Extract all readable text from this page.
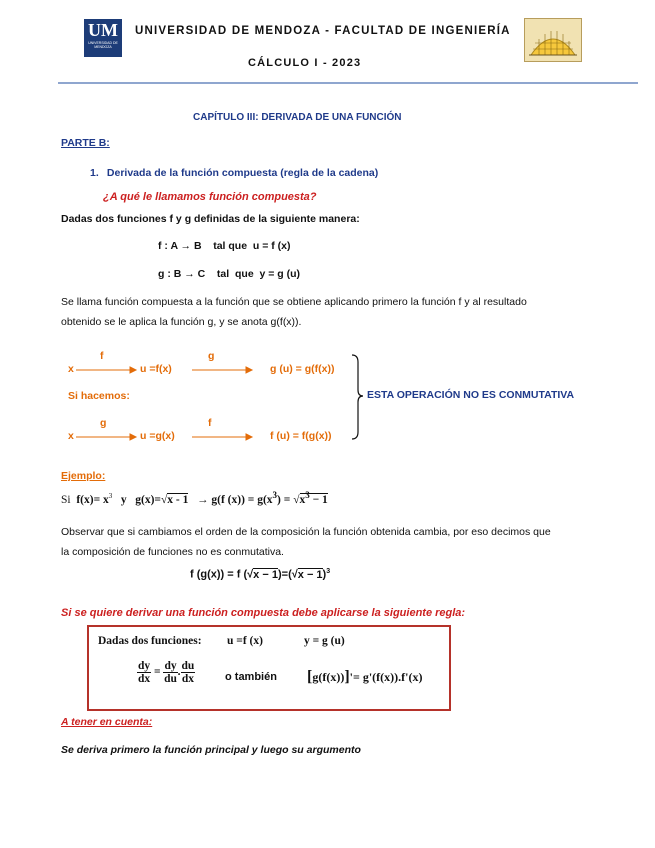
UM
UNIVERSIDAD DE MENDOZA
UNIVERSIDAD DE MENDOZA - FACULTAD DE INGENIERÍA
CÁLCULO I - 2023
CAPÍTULO III: DERIVADA DE UNA FUNCIÓN
PARTE B:
1. Derivada de la función compuesta (regla de la cadena)
¿A qué le llamamos función compuesta?
Dadas dos funciones f y g definidas de la siguiente manera:
f : A → B    tal que  u = f (x)
g : B → C    tal  que  y = g (u)
Se llama función compuesta a la función que se obtiene aplicando primero la función f y al resultado
obtenido se le aplica la función g, y se anota g(f(x)).
x
f
u =f(x)
g
g (u) = g(f(x))
Si hacemos:
x
g
u =g(x)
f
f (u) = f(g(x))
ESTA OPERACIÓN NO ES CONMUTATIVA
Ejemplo:
Si $f(x)= x^3$ y g(x)=√x - 1 → g(f $(x)) = g(x^3) = √x^3 - 1$
Observar que si cambiamos el orden de la composición la función obtenida cambia, por eso decimos que
la composición de funciones no es conmutativa.
f (g(x)) = f $(√x - 1)=(√x - 1)^3$
Si se quiere derivar una función compuesta debe aplicarse la siguiente regla:
Dadas dos funciones: u =f (x)	y = g (u)
$\frac{dy}{dx} = \frac{dy}{du}$ . $\frac{du}{dx}$	o también [g(f(x))]'= g'(f(x)).f'(x)
A tener en cuenta:
Se deriva primero la función principal y luego su argumento
